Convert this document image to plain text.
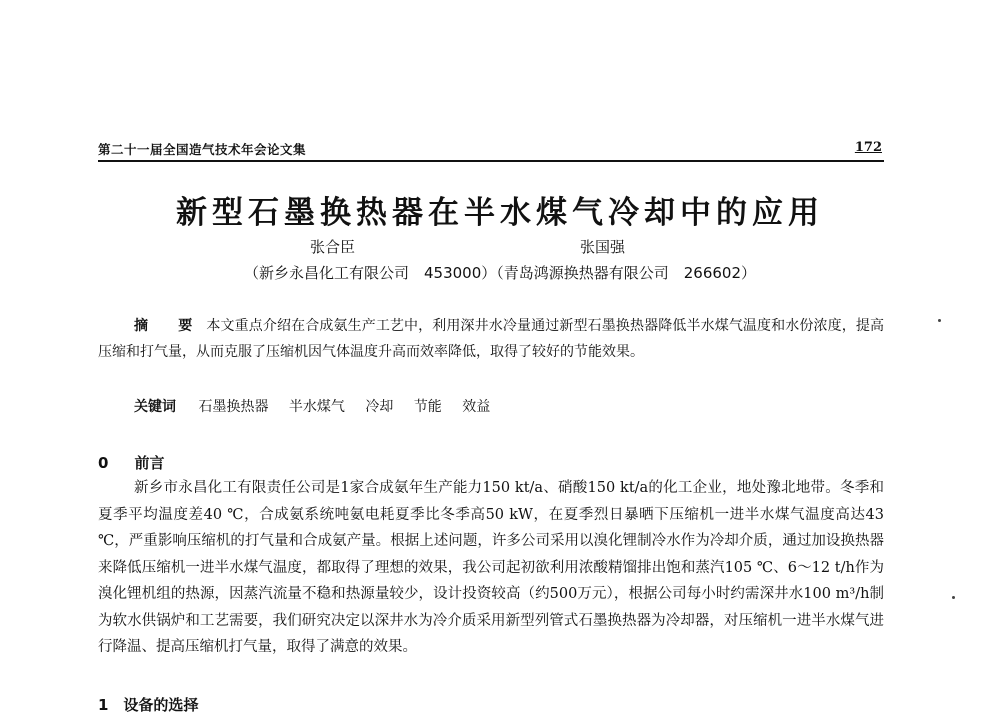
第二十一届全国造气技术年会论文集	172
新型石墨换热器在半水煤气冷却中的应用
张合臣	张国强
（新乡永昌化工有限公司　453000）（青岛鸿源换热器有限公司　266602）

摘　要 本文重点介绍在合成氨生产工艺中，利用深井水冷量通过新型石墨换热器降低半水煤气温度和水份浓度，提高压缩和打气量，从而克服了压缩机因气体温度升高而效率降低，取得了较好的节能效果。

关键词 石墨换热器 半水煤气 冷却 节能 效益
0 前言

新乡市永昌化工有限责任公司是1家合成氨年生产能力150 kt/a、硝酸150 kt/a的化工企业，地处豫北地带。冬季和夏季平均温度差40 ℃，合成氨系统吨氨电耗夏季比冬季高50 kW，在夏季烈日暴晒下压缩机一进半水煤气温度高达43 ℃，严重影响压缩机的打气量和合成氨产量。根据上述问题，许多公司采用以溴化锂制冷水作为冷却介质，通过加设换热器来降低压缩机一进半水煤气温度，都取得了理想的效果，我公司起初欲利用浓酸精馏排出饱和蒸汽105 ℃、6～12 t/h作为溴化锂机组的热源，因蒸汽流量不稳和热源量较少，设计投资较高（约500万元），根据公司每小时约需深井水100 m³/h制为软水供锅炉和工艺需要，我们研究决定以深井水为冷介质采用新型列管式石墨换热器为冷却器，对压缩机一进半水煤气进行降温、提高压缩机打气量，取得了满意的效果。

1　设备的选择
